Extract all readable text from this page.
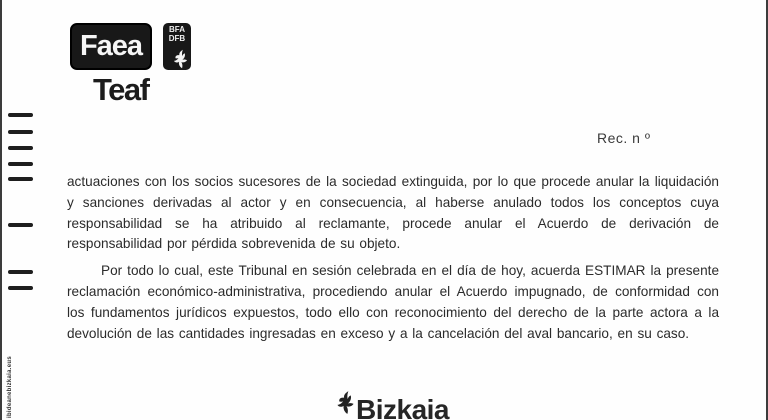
Faea
BFA
DFB
Teaf
Rec. n º

actuaciones con los socios sucesores de la sociedad extinguida, por lo que procede anular la liquidación y sanciones derivadas al actor y en consecuencia, al haberse anulado todos los conceptos cuya responsabilidad se ha atribuido al reclamante, procede anular el Acuerdo de derivación de responsabilidad por pérdida sobrevenida de su objeto.

Por todo lo cual, este Tribunal en sesión celebrada en el día de hoy, acuerda ESTIMAR la presente reclamación económico-administrativa, procediendo anular el Acuerdo impugnado, de conformidad con los fundamentos jurídicos expuestos, todo ello con reconocimiento del derecho de la parte actora a la devolución de las cantidades ingresadas en exceso y a la cancelación del aval bancario, en su caso.

ibidean
ebizkaia.eus
Bizkaia
